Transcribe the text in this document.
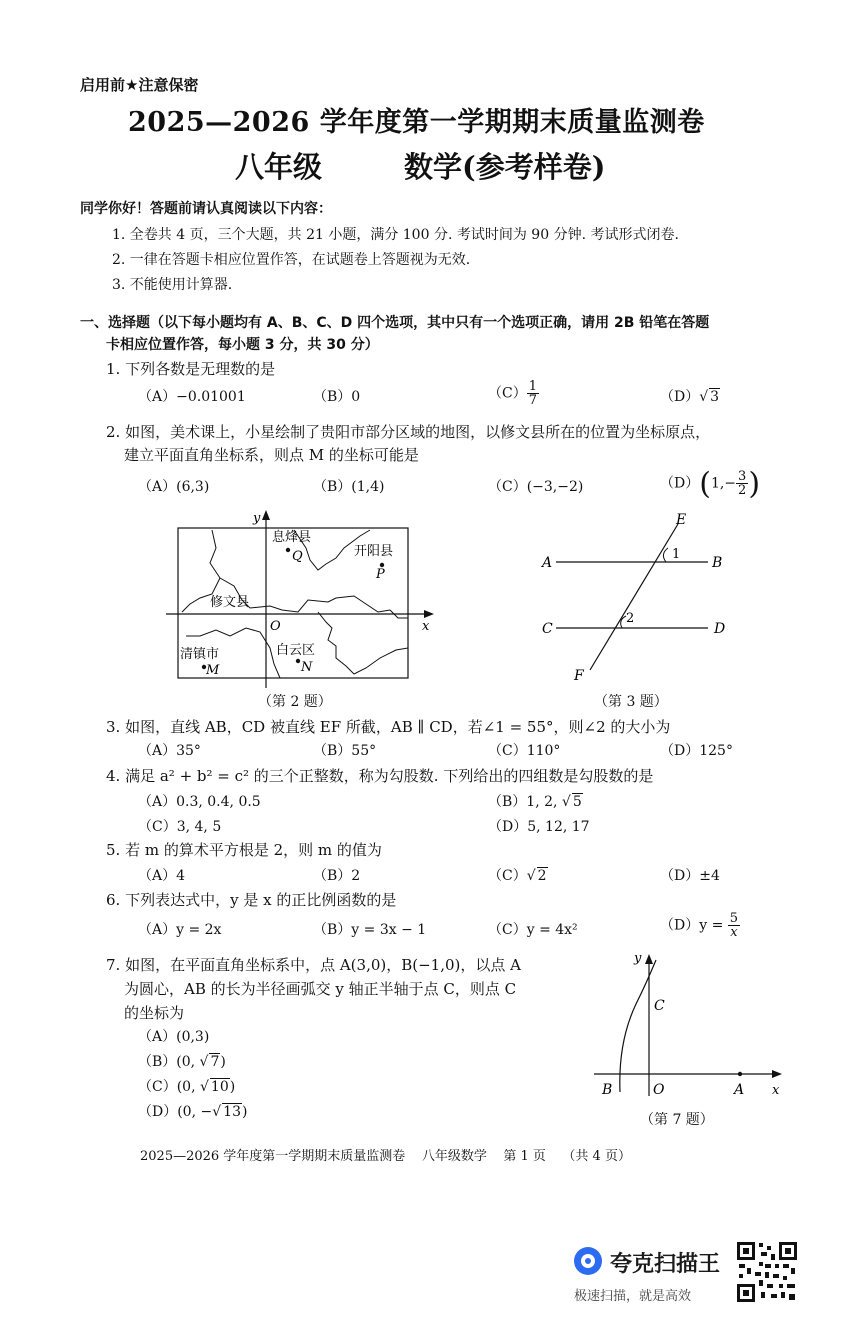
启用前★注意保密
2025—2026 学年度第一学期期末质量监测卷
八年级	数学(参考样卷)
同学你好！答题前请认真阅读以下内容：
1. 全卷共 4 页，三个大题，共 21 小题，满分 100 分. 考试时间为 90 分钟. 考试形式闭卷.
2. 一律在答题卡相应位置作答，在试题卷上答题视为无效.
3. 不能使用计算器.
一、选择题（以下每小题均有 A、B、C、D 四个选项，其中只有一个选项正确，请用 2B 铅笔在答题
卡相应位置作答，每小题 3 分，共 30 分）
1. 下列各数是无理数的是
（A）−0.01001	（B）0	$(C) \frac{1}{7}$	（D）√ 3
2. 如图，美术课上，小星绘制了贵阳市部分区域的地图，以修文县所在的位置为坐标原点，
建立平面直角坐标系，则点 M 的坐标可能是
（A）(6,3)	（B）(1,4)	（C）(−3,−2)	$(D)(1,- \frac{3}{2}$ )
y
x
O
息烽县
Q	开阳县
P
修文县
清镇市
M
白云区
N
（第 2 题）
E
A	B
C	D
F
1
2
（第 3 题）
3. 如图，直线 AB，CD 被直线 EF 所截，AB ∥ CD，若∠1 = 55°，则∠2 的大小为
（A）35°	（B）55°	（C）110°	（D）125°
4. 满足 a² + b² = c² 的三个正整数，称为勾股数. 下列给出的四组数是勾股数的是
（A）0.3, 0.4, 0.5	（B）1, 2, √ 5
（C）3, 4, 5	（D）5, 12, 17
5. 若 m 的算术平方根是 2，则 m 的值为
（A）4	（B）2	（C）√ 2	（D）±4
6. 下列表达式中，y 是 x 的正比例函数的是
（A）y = 2x	（B）y = 3x − 1	（C）y = 4x²	$(D)y = \frac{5}{x}$
7. 如图，在平面直角坐标系中，点 A(3,0)，B(−1,0)，以点 A
为圆心，AB 的长为半径画弧交 y 轴正半轴于点 C，则点 C
的坐标为
（A）(0,3)
（B）(0, √ 7)
（C）(0, √ 10)
（D）(0, −√ 13)
y
x
C
B	O	A
（第 7 题）
2025—2026 学年度第一学期期末质量监测卷    八年级数学    第 1 页    （共 4 页）
夸克扫描王
极速扫描，就是高效
